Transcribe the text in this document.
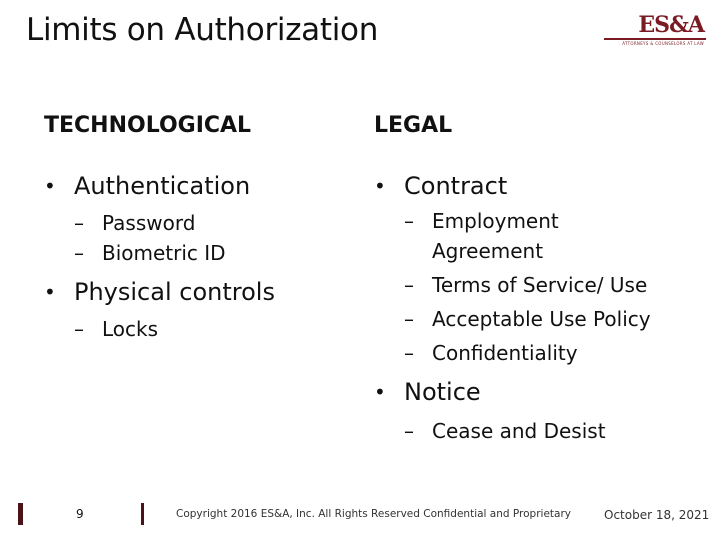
Limits on Authorization	ES&A
ATTORNEYS & COUNSELORS AT LAW
TECHNOLOGICAL
• Authentication
– Password
– Biometric ID
• Physical controls
– Locks
LEGAL
• Contract
– Employment Agreement
– Terms of Service/ Use
– Acceptable Use Policy
– Confidentiality
• Notice
– Cease and Desist
9	Copyright 2016 ES&A, Inc. All Rights Reserved Confidential and Proprietary	October 18, 2021
